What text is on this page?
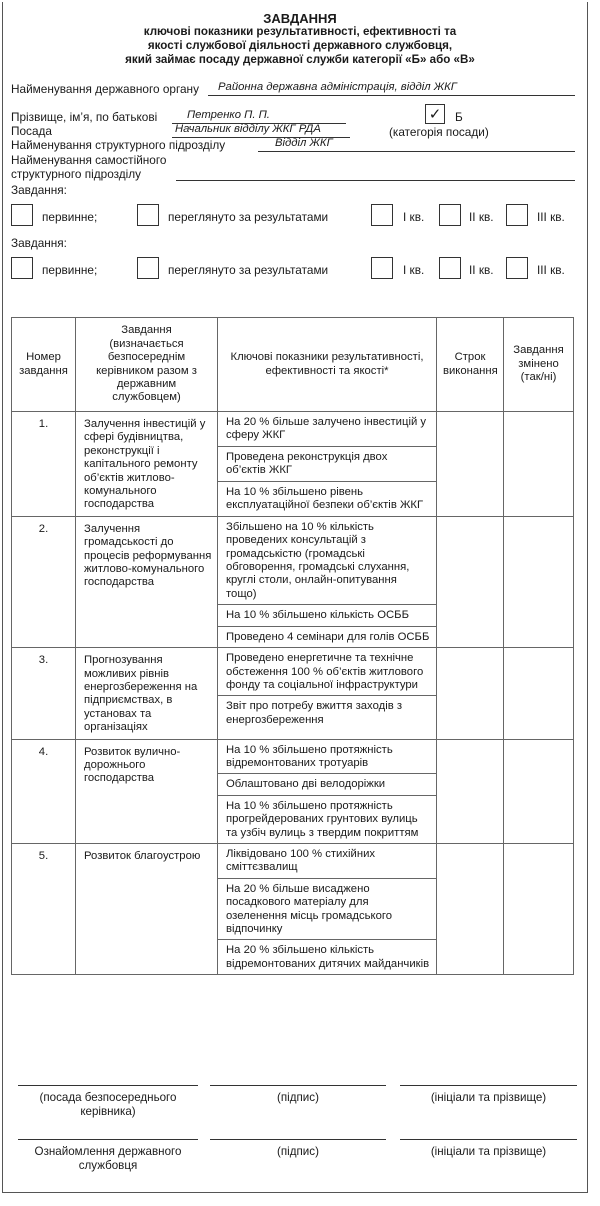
ЗАВДАННЯ
ключові показники результативності, ефективності та
якості службової діяльності державного службовця,
який займає посаду державної служби категорії «Б» або «В»
Найменування державного органу Районна державна адміністрація, відділ ЖКГ
Прізвище, ім’я, по батькові	Петренко П. П.	✓	Б
(категорія посади)
Посада	Начальник відділу ЖКГ РДА
Найменування структурного підрозділу	Відділ ЖКГ
Найменування самостійного
структурного підрозділу
Завдання:
первинне;	переглянуто за результатами	I кв.	II кв.	III кв.
Завдання:
первинне;	переглянуто за результатами	I кв.	II кв.	III кв.
Номер завдання	Завдання (визначається безпосереднім керівником разом з державним службовцем)	Ключові показники результативності, ефективності та якості*	Строк виконання	Завдання змінено (так/ні)
1.	Залучення інвестицій у сфері будівництва, реконструкції і капітального ремонту об’єктів житлово-комунального господарства	На 20 % більше залучено інвестицій у сферу ЖКГ
Проведена реконструкція двох об’єктів ЖКГ
На 10 % збільшено рівень експлуатаційної безпеки об’єктів ЖКГ		

2.	Залучення громадськості до процесів реформування житлово-комунального господарства	Збільшено на 10 % кількість проведених консультацій з громадськістю (громадські обговорення, громадські слухання, круглі столи, онлайн-опитування тощо)
На 10 % збільшено кількість ОСББ
Проведено 4 семінари для голів ОСББ		

3.	Прогнозування можливих рівнів енергозбереження на підприємствах, в установах та організаціях	Проведено енергетичне та технічне обстеження 100 % об’єктів житлового фонду та соціальної інфраструктури
Звіт про потребу вжиття заходів з енергозбереження		

4.	Розвиток вулично-дорожнього господарства	На 10 % збільшено протяжність відремонтованих тротуарів
Облаштовано дві велодоріжки
На 10 % збільшено протяжність прогрейдерованих грунтових вулиць та узбіч вулиць з твердим покриттям		

5.	Розвиток благоустрою	Ліквідовано 100 % стихійних сміттєзвалищ
На 20 % більше висаджено посадкового матеріалу для озеленення місць громадського відпочинку
На 20 % збільшено кількість відремонтованих дитячих майданчиків		

(посада безпосереднього керівника)
(підпис)	(ініціали та прізвище)
Ознайомлення державного службовця
(підпис)	(ініціали та прізвище)
